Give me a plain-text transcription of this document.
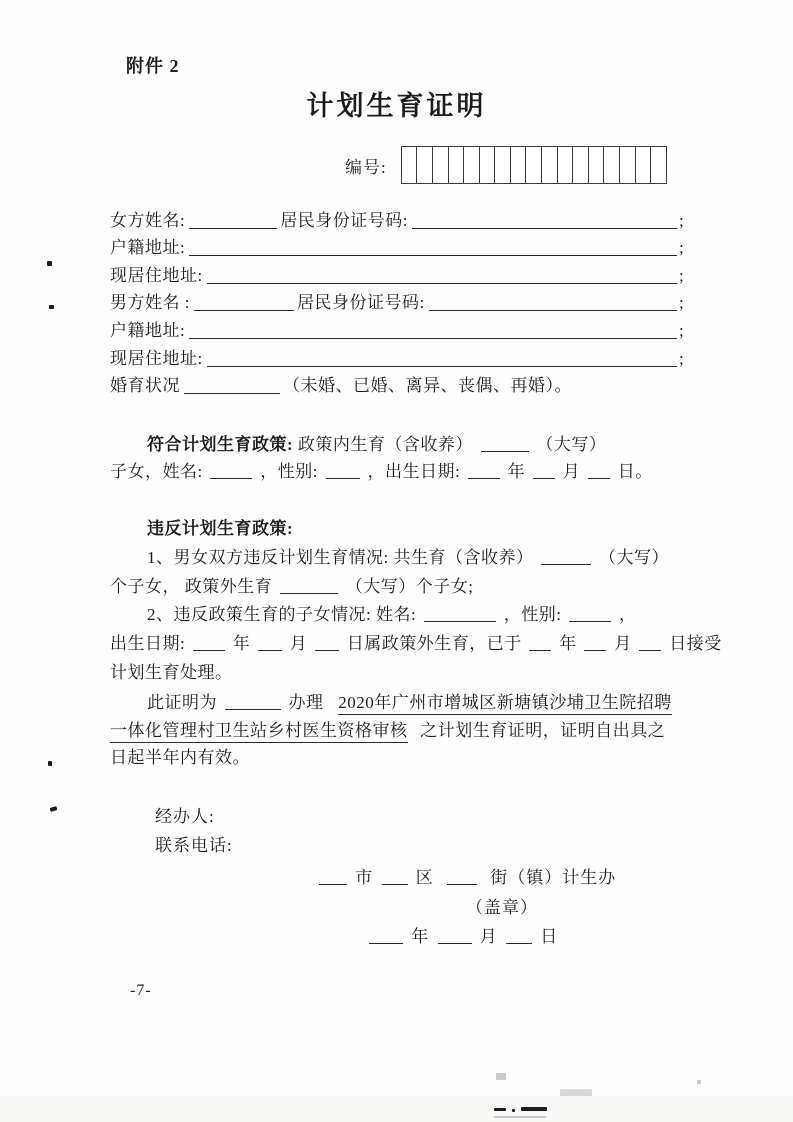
附件 2
计划生育证明
编号:
女方姓名:	居民身份证号码:	;
户籍地址:	;
现居住地址:	;
男方姓名 :	居民身份证号码:	;
户籍地址:	;
现居住地址:	;
婚育状况	（未婚、已婚、离异、丧偶、再婚）。
符合计划生育政策: 政策内生育（含收养）	（大写）
子女，姓名:	，性别:	，出生日期:	年 月 日。
违反计划生育政策:
1、男女双方违反计划生育情况: 共生育（含收养）	（大写）
个子女， 政策外生育	（大写）个子女;
2、违反政策生育的子女情况: 姓名:	，性别:	，
出生日期:	年 月 日属政策外生育，已于 年 月 日接受
计划生育处理。
此证明为	办理 2020年广州市增城区新塘镇沙埔卫生院招聘
一体化管理村卫生站乡村医生资格审核 之计划生育证明，证明自出具之
日起半年内有效。
经办人:
联系电话:
市	区	街（镇）计生办
（盖章）
年	月	日
-7-
